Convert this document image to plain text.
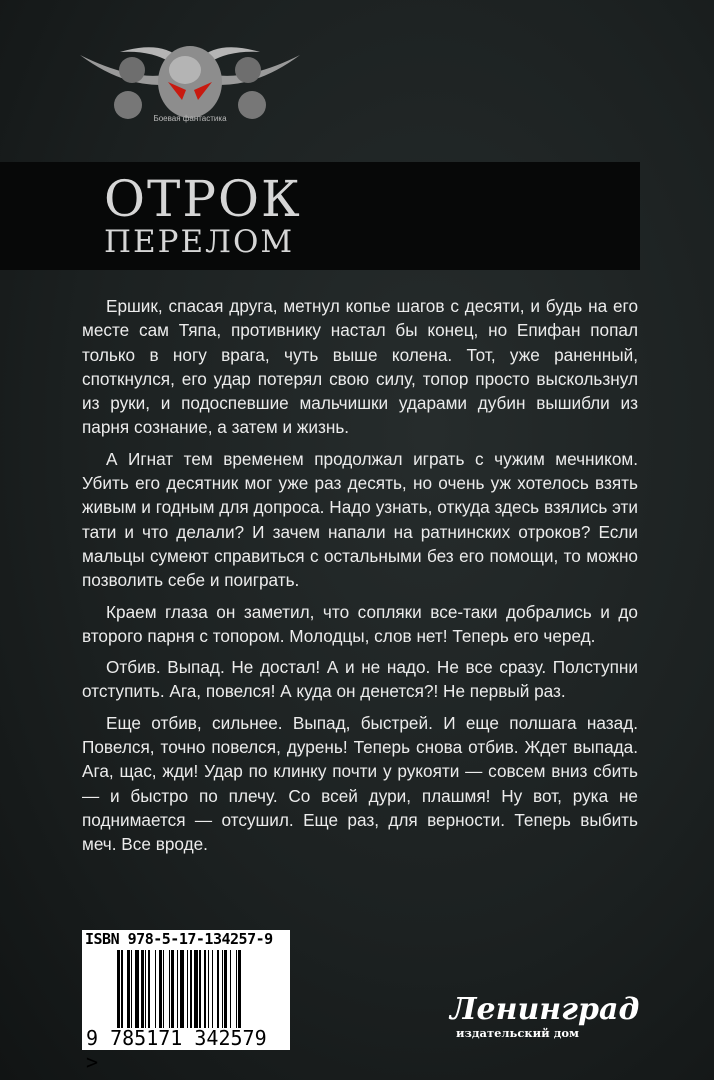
Боевая фантастика
ОТРОК
ПЕРЕЛОМ

Ершик, спасая друга, метнул копье шагов с десяти, и будь на его месте сам Тяпа, противнику настал бы конец, но Епифан попал только в ногу врага, чуть выше колена. Тот, уже раненный, споткнулся, его удар потерял свою силу, топор просто выскользнул из руки, и подоспевшие мальчишки ударами дубин вышибли из парня сознание, а затем и жизнь.

А Игнат тем временем продолжал играть с чужим мечником. Убить его десятник мог уже раз десять, но очень уж хотелось взять живым и годным для допроса. Надо узнать, откуда здесь взялись эти тати и что делали? И зачем напали на ратнинских отроков? Если мальцы сумеют справиться с остальными без его помощи, то можно позволить себе и поиграть.

Краем глаза он заметил, что сопляки все-таки добрались и до второго парня с топором. Молодцы, слов нет! Теперь его черед.

Отбив. Выпад. Не достал! А и не надо. Не все сразу. Полступни отступить. Ага, повелся! А куда он денется?! Не первый раз.

Еще отбив, сильнее. Выпад, быстрей. И еще полшага назад. Повелся, точно повелся, дурень! Теперь снова отбив. Ждет выпада. Ага, щас, жди! Удар по клинку почти у рукояти — совсем вниз сбить — и быстро по плечу. Со всей дури, плашмя! Ну вот, рука не поднимается — отсушил. Еще раз, для верности. Теперь выбить меч. Все вроде.

ISBN 978-5-17-134257-9
9 785171 342579 >
Ленинград
издательский дом
